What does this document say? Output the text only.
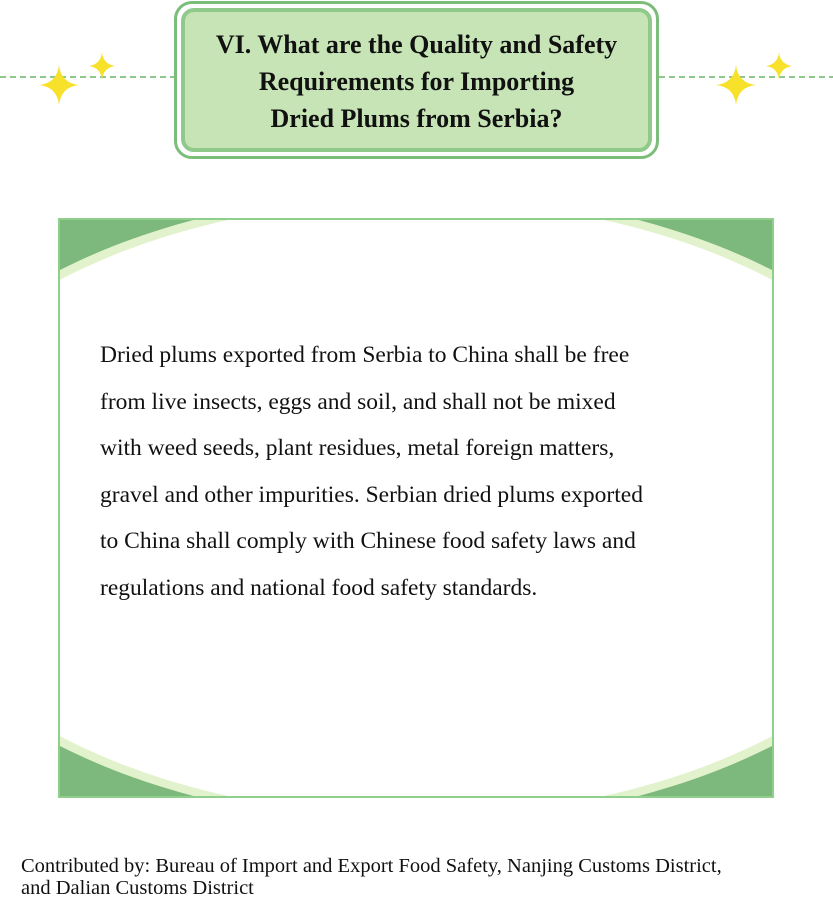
VI. What are the Quality and Safety
Requirements for Importing
Dried Plums from Serbia?

Dried plums exported from Serbia to China shall be free
from live insects, eggs and soil, and shall not be mixed
with weed seeds, plant residues, metal foreign matters,
gravel and other impurities. Serbian dried plums exported
to China shall comply with Chinese food safety laws and
regulations and national food safety standards.

Contributed by: Bureau of Import and Export Food Safety, Nanjing Customs District,
and Dalian Customs District
